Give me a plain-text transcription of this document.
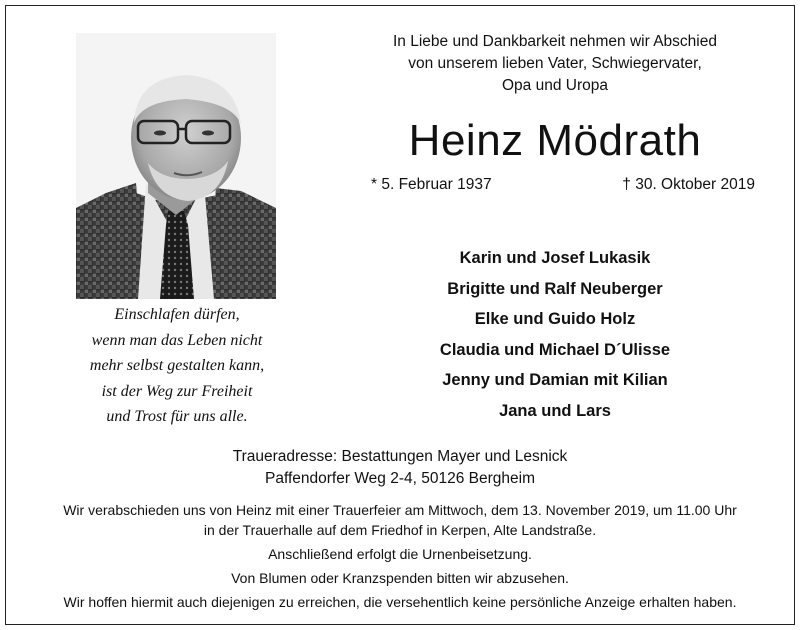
Einschlafen dürfen,
wenn man das Leben nicht
mehr selbst gestalten kann,
ist der Weg zur Freiheit
und Trost für uns alle.
In Liebe und Dankbarkeit nehmen wir Abschied
von unserem lieben Vater, Schwiegervater,
Opa und Uropa
Heinz Mödrath
* 5. Februar 1937	† 30. Oktober 2019
Karin und Josef Lukasik
Brigitte und Ralf Neuberger
Elke und Guido Holz
Claudia und Michael D´Ulisse
Jenny und Damian mit Kilian
Jana und Lars
Traueradresse: Bestattungen Mayer und Lesnick
Paffendorfer Weg 2-4, 50126 Bergheim
Wir verabschieden uns von Heinz mit einer Trauerfeier am Mittwoch, dem 13. November 2019, um 11.00 Uhr
in der Trauerhalle auf dem Friedhof in Kerpen, Alte Landstraße.
Anschließend erfolgt die Urnenbeisetzung.
Von Blumen oder Kranzspenden bitten wir abzusehen.
Wir hoffen hiermit auch diejenigen zu erreichen, die versehentlich keine persönliche Anzeige erhalten haben.
